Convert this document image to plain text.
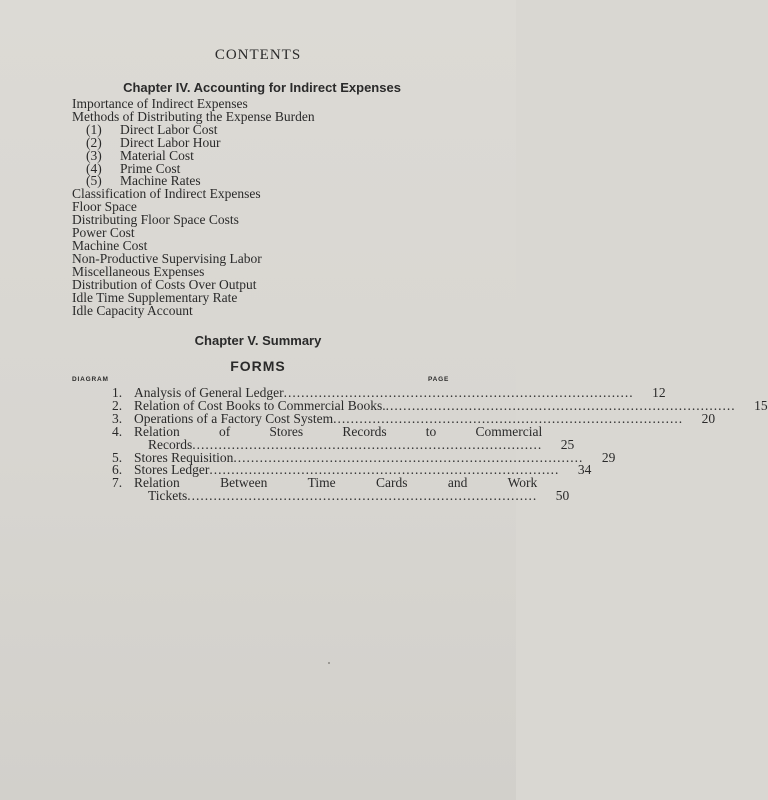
CONTENTS
Chapter IV. Accounting for Indirect Expenses
Importance of Indirect Expenses
Methods of Distributing the Expense Burden
(1) Direct Labor Cost
(2) Direct Labor Hour
(3) Material Cost
(4) Prime Cost
(5) Machine Rates
Classification of Indirect Expenses
Floor Space
Distributing Floor Space Costs
Power Cost
Machine Cost
Non-Productive Supervising Labor
Miscellaneous Expenses
Distribution of Costs Over Output
Idle Time Supplementary Rate
Idle Capacity Account
Chapter V. Summary
FORMS
DIAGRAM	PAGE
1. Analysis of General Ledger .....	12
2. Relation of Cost Books to Commercial Books. .....	15
3. Operations of a Factory Cost System .....	20
4. Relation of Stores Records to Commercial
Records .....	25
5. Stores Requisition .....	29
6. Stores Ledger .....	34
7. Relation Between Time Cards and Work
Tickets .....	50
